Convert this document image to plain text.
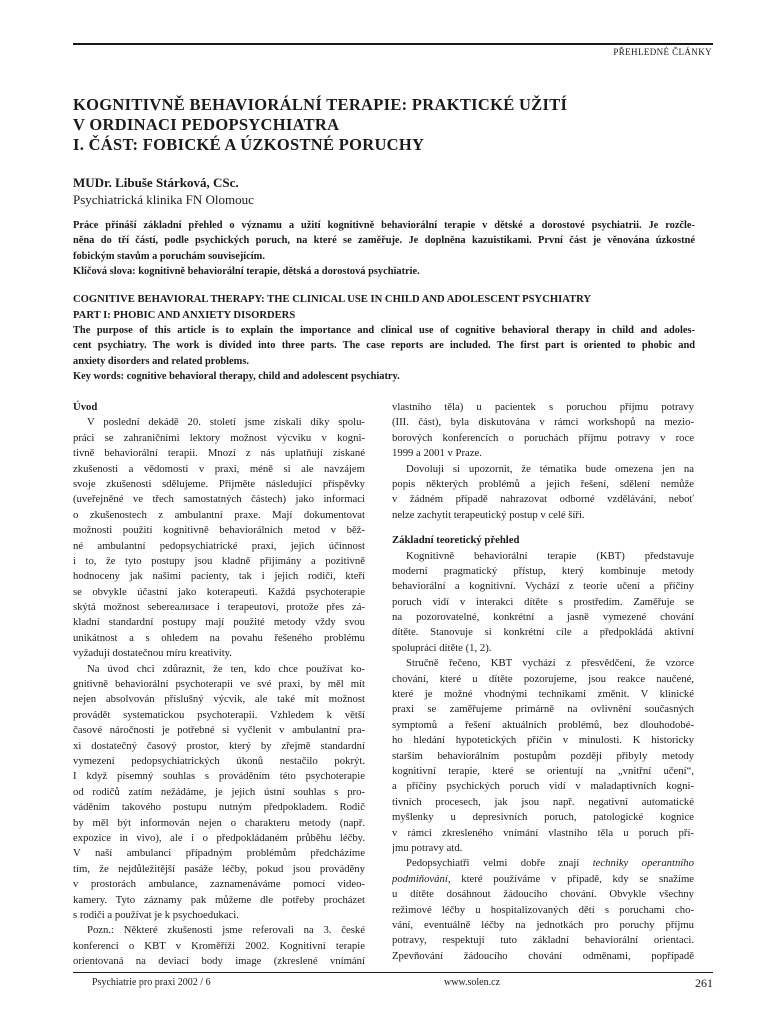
PŘEHLEDNÉ ČLÁNKY
KOGNITIVNĚ BEHAVIORÁLNÍ TERAPIE: PRAKTICKÉ UŽITÍ
V ORDINACI PEDOPSYCHIATRA
I. ČÁST: FOBICKÉ A ÚZKOSTNÉ PORUCHY
MUDr. Libuše Stárková, CSc.
Psychiatrická klinika FN Olomouc
Práce přináší základní přehled o významu a užití kognitivně behaviorální terapie v dětské a dorostové psychiatrii. Je rozčle-
něna do tří částí, podle psychických poruch, na které se zaměřuje. Je doplněna kazuistikami. První část je věnována úzkostné
fobickým stavům a poruchám souvisejícím.
Klíčová slova: kognitivně behaviorální terapie, dětská a dorostová psychiatrie.
COGNITIVE BEHAVIORAL THERAPY: THE CLINICAL USE IN CHILD AND ADOLESCENT PSYCHIATRY
PART I: PHOBIC AND ANXIETY DISORDERS
The purpose of this article is to explain the importance and clinical use of cognitive behavioral therapy in child and adoles-
cent psychiatry. The work is divided into three parts. The case reports are included. The first part is oriented to phobic and
anxiety disorders and related problems.
Key words: cognitive behavioral therapy, child and adolescent psychiatry.
Úvod
V poslední dekádě 20. století jsme získali díky spolu-
práci se zahraničními lektory možnost výcviku v kogni-
tivně behaviorální terapii. Mnozí z nás uplatňují získané
zkušenosti a vědomosti v praxi, méně si ale navzájem
svoje zkušenosti sdělujeme. Přijměte následující příspěvky
(uveřejněné ve třech samostatných částech) jako informaci
o zkušenostech z ambulantní praxe. Mají dokumentovat
možnosti použití kognitivně behaviorálních metod v běž-
né ambulantní pedopsychiatrické praxi, jejich účinnost
i to, že tyto postupy jsou kladně přijímány a pozitivně
hodnoceny jak našimi pacienty, tak i jejich rodiči, kteří
se obvykle účastní jako koterapeuti. Každá psychoterapie
skýtá možnost sebereализace i terapeutovi, protože přes zá-
kladní standardní postupy mají použité metody vždy svou
unikátnost a s ohledem na povahu řešeného problému
vyžadují dostatečnou míru kreativity.
Na úvod chci zdůraznit, že ten, kdo chce používat ko-
gnitivně behaviorální psychoterapii ve své praxi, by měl mít
nejen absolvován příslušný výcvik, ale také mít možnost
provádět systematickou psychoterapii. Vzhledem k větší
časové náročnosti je potřebné si vyčlenit v ambulantní pra-
xi dostatečný časový prostor, který by zřejmě standardní
vymezení pedopsychiatrických úkonů nestačilo pokrýt.
I když písemný souhlas s prováděním této psychoterapie
od rodičů zatím nežádáme, je jejich ústní souhlas s pro-
váděním takového postupu nutným předpokladem. Rodič
by měl být informován nejen o charakteru metody (např.
expozice in vivo), ale i o předpokládaném průběhu léčby.
V naší ambulanci případným problémům předcházíme
tím, že nejdůležitější pasáže léčby, pokud jsou prováděny
v prostorách ambulance, zaznamenáváme pomocí video-
kamery. Tyto záznamy pak můžeme dle potřeby procházet
s rodiči a používat je k psychoedukaci.
Pozn.: Některé zkušenosti jsme referovali na 3. české
konferenci o KBT v Kroměříži 2002. Kognitivní terapie
orientovaná na deviaci body image (zkreslené vnímání
vlastního těla) u pacientek s poruchou příjmu potravy
(III. část), byla diskutována v rámci workshopů na mezio-
borových konferencích o poruchách příjmu potravy v roce
1999 a 2001 v Praze.
Dovoluji si upozornit, že tématika bude omezena jen na
popis některých problémů a jejich řešení, sdělení nemůže
v žádném případě nahrazovat odborné vzdělávání, neboť
nelze zachytit terapeutický postup v celé šíři.
Základní teoretický přehled
Kognitivně behaviorální terapie (KBT) představuje
moderní pragmatický přístup, který kombinuje metody
behaviorální a kognitivní. Vychází z teorie učení a příčiny
poruch vidí v interakci dítěte s prostředím. Zaměřuje se
na pozorovatelné, konkrétní a jasně vymezené chování
dítěte. Stanovuje si konkrétní cíle a předpokládá aktivní
spolupráci dítěte (1, 2).
Stručně řečeno, KBT vychází z přesvědčení, že vzorce
chování, které u dítěte pozorujeme, jsou reakce naučené,
které je možné vhodnými technikami změnit. V klinické
praxi se zaměřujeme primárně na ovlivnění současných
symptomů a řešení aktuálních problémů, bez dlouhodobé-
ho hledání hypotetických příčin v minulosti. K historicky
starším behaviorálním postupům později přibyly metody
kognitivní terapie, které se orientují na „vnitřní učení“,
a příčiny psychických poruch vidí v maladaptivních kogni-
tivních procesech, jak jsou např. negativní automatické
myšlenky u depresivních poruch, patologické kognice
v rámci zkresleného vnímání vlastního těla u poruch pří-
jmu potravy atd.
Pedopsychiatři velmi dobře znají techniky operantního
podmiňování, které používáme v případě, kdy se snažíme
u dítěte dosáhnout žádoucího chování. Obvykle všechny
režimové léčby u hospitalizovaných dětí s poruchami cho-
vání, eventuálně léčby na jednotkách pro poruchy příjmu
potravy, respektují tuto základní behaviorální orientaci.
Zpevňování žádoucího chování odměnami, popřípadě
Psychiatrie pro praxi 2002 / 6	www.solen.cz	261
